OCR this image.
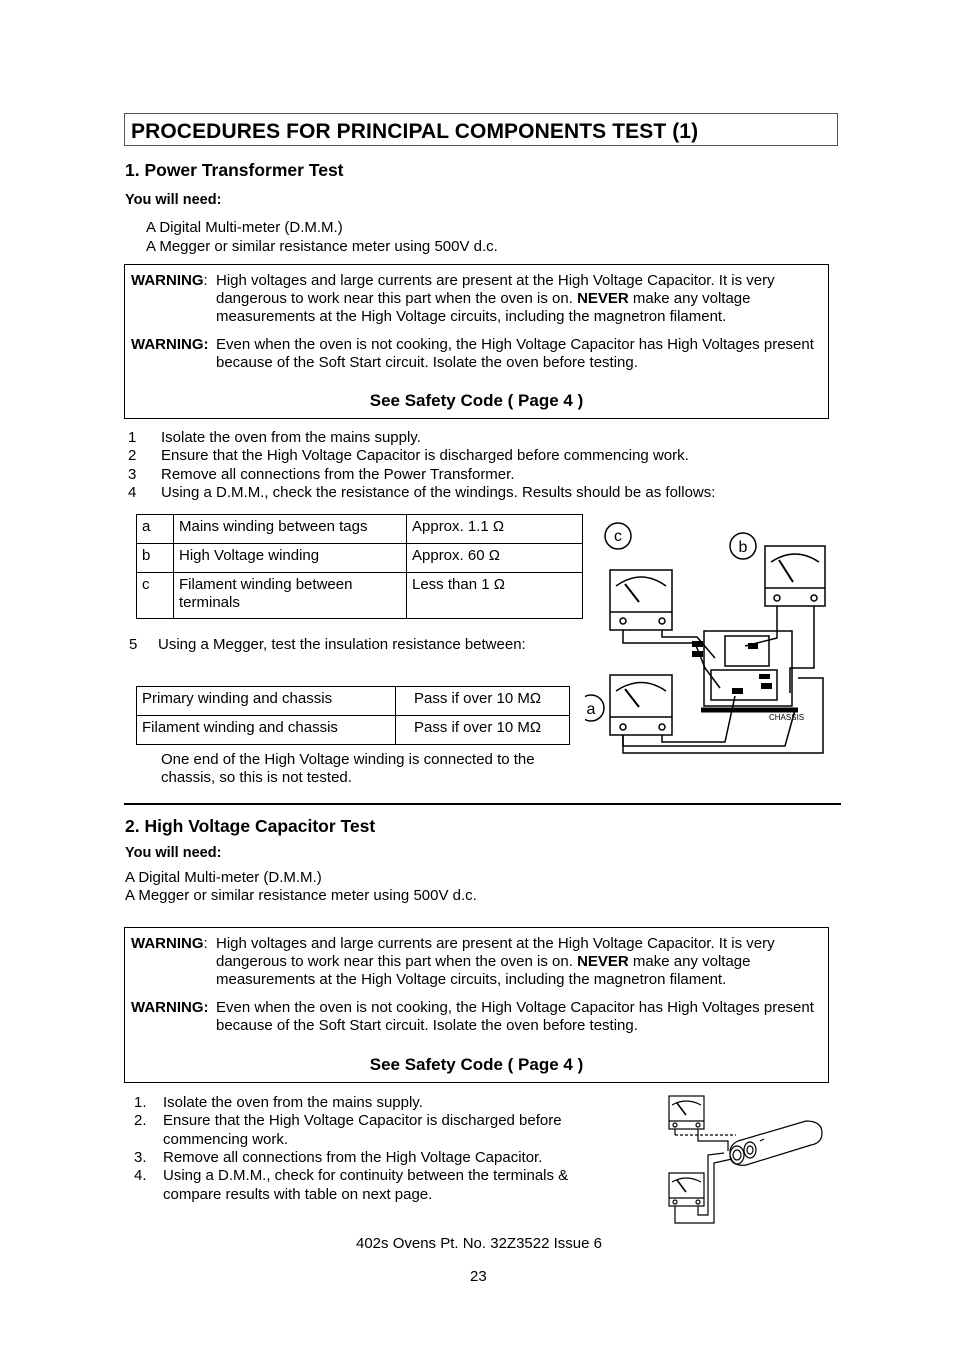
PROCEDURES FOR PRINCIPAL COMPONENTS TEST (1)
1. Power Transformer Test
You will need:
A Digital Multi-meter (D.M.M.)
A Megger or similar resistance meter using 500V d.c.
WARNING: High voltages and large currents are present at the High Voltage Capacitor. It is very dangerous to work near this part when the oven is on. NEVER make any voltage measurements at the High Voltage circuits, including the magnetron filament.
WARNING: Even when the oven is not cooking, the High Voltage Capacitor has High Voltages present because of the Soft Start circuit. Isolate the oven before testing.
See Safety Code ( Page 4 )
1 Isolate the oven from the mains supply.
2 Ensure that the High Voltage Capacitor is discharged before commencing work.
3 Remove all connections from the Power Transformer.
4 Using a D.M.M., check the resistance of the windings. Results should be as follows:
a	Mains winding between tags	Approx. 1.1 Ω
b	High Voltage winding	Approx. 60 Ω
c	Filament winding between terminals	Less than 1 Ω
5 Using a Megger, test the insulation resistance between:
Primary winding and chassis	Pass if over 10 MΩ
Filament winding and chassis	Pass if over 10 MΩ
One end of the High Voltage winding is connected to the chassis, so this is not tested.
c
b
a	CHASSIS
2. High Voltage Capacitor Test
You will need:
A Digital Multi-meter (D.M.M.)
A Megger or similar resistance meter using 500V d.c.
WARNING: High voltages and large currents are present at the High Voltage Capacitor. It is very dangerous to work near this part when the oven is on. NEVER make any voltage measurements at the High Voltage circuits, including the magnetron filament.
WARNING: Even when the oven is not cooking, the High Voltage Capacitor has High Voltages present because of the Soft Start circuit. Isolate the oven before testing.
See Safety Code ( Page 4 )
1. Isolate the oven from the mains supply.
2. Ensure that the High Voltage Capacitor is discharged before commencing work.
3. Remove all connections from the High Voltage Capacitor.
4. Using a D.M.M., check for continuity between the terminals & compare results with table on next page.
402s Ovens Pt. No. 32Z3522 Issue 6
23
